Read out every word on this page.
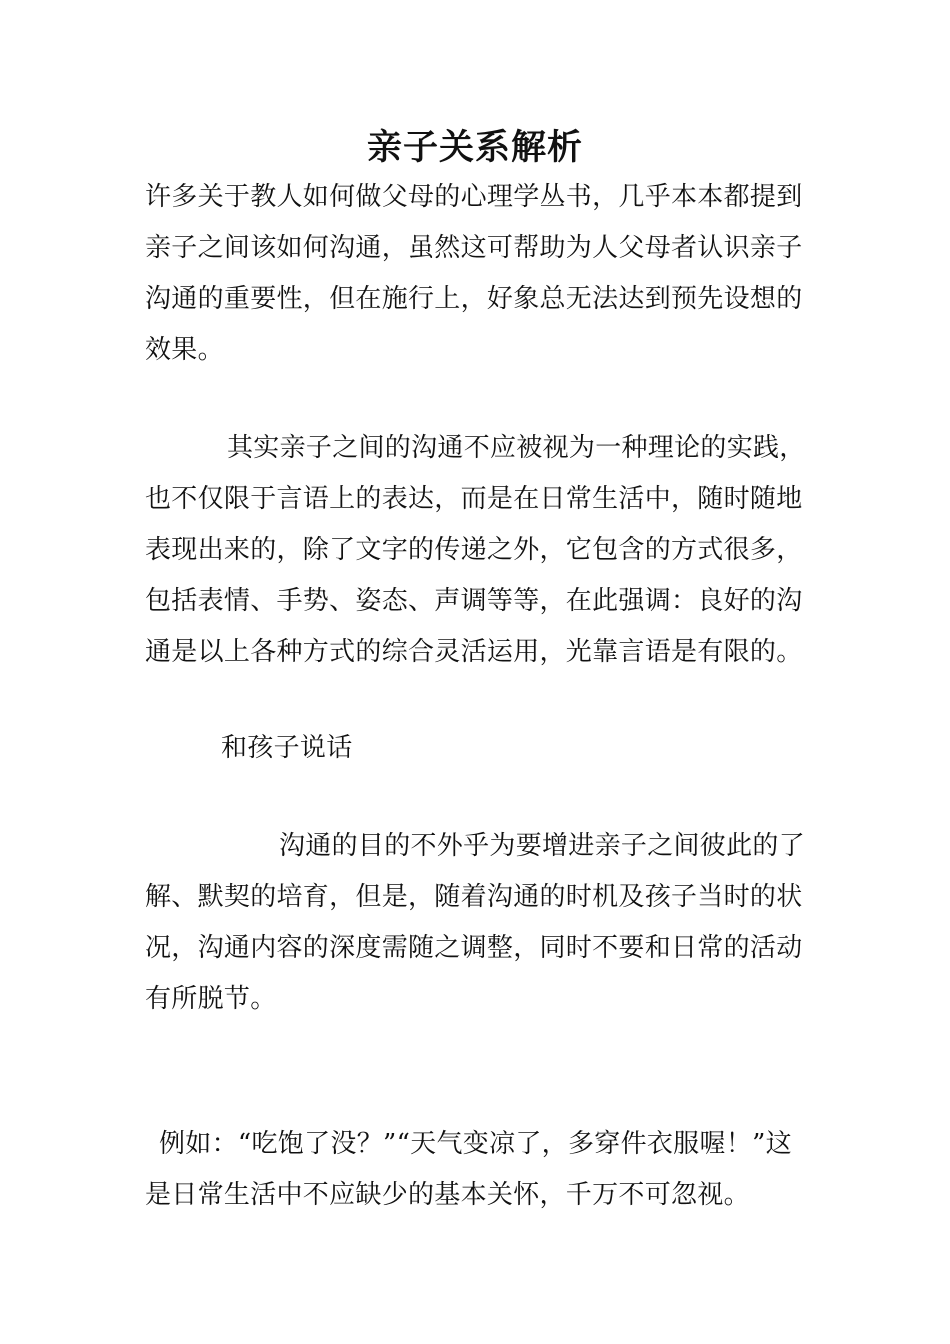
亲子关系解析

许多关于教人如何做父母的心理学丛书，几乎本本都提到亲子之间该如何沟通，虽然这可帮助为人父母者认识亲子沟通的重要性，但在施行上，好象总无法达到预先设想的效果。

其实亲子之间的沟通不应被视为一种理论的实践，也不仅限于言语上的表达，而是在日常生活中，随时随地表现出来的，除了文字的传递之外，它包含的方式很多，包括表情、手势、姿态、声调等等，在此强调：良好的沟通是以上各种方式的综合灵活运用，光靠言语是有限的。

和孩子说话

沟通的目的不外乎为要增进亲子之间彼此的了解、默契的培育，但是，随着沟通的时机及孩子当时的状况，沟通内容的深度需随之调整，同时不要和日常的活动有所脱节。

例如：“吃饱了没？”“天气变凉了，多穿件衣服喔！”这是日常生活中不应缺少的基本关怀，千万不可忽视。
